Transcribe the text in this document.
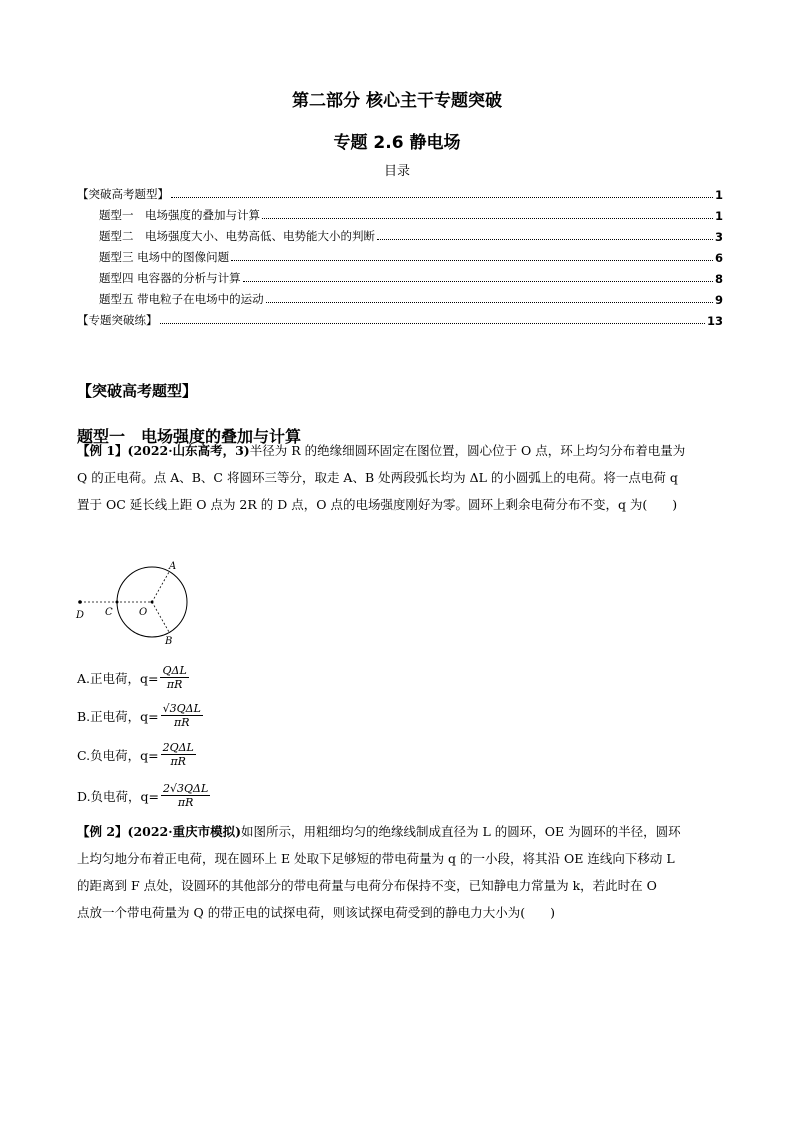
第二部分 核心主干专题突破
专题 2.6 静电场
目录
【突破高考题型】	1
题型一　电场强度的叠加与计算	1
题型二　电场强度大小、电势高低、电势能大小的判断	3
题型三 电场中的图像问题	6
题型四 电容器的分析与计算	8
题型五 带电粒子在电场中的运动	9
【专题突破练】	13
【突破高考题型】
题型一　电场强度的叠加与计算
【例 1】(2022·山东高考，3)半径为 R 的绝缘细圆环固定在图位置，圆心位于 O 点，环上均匀分布着电量为
Q 的正电荷。点 A、B、C 将圆环三等分，取走 A、B 处两段弧长均为 ΔL 的小圆弧上的电荷。将一点电荷 q
置于 OC 延长线上距 O 点为 2R 的 D 点，O 点的电场强度刚好为零。圆环上剩余电荷分布不变，q 为(　　)
A
B
C
D	O
A.正电荷，$q= \frac{\text{QΔL}}{\pi R}$
B.正电荷，$q= \frac{\text{√3QΔL}}{\pi R}$
C.负电荷，$q= \frac{\text{2QΔL}}{\pi R}$
D.负电荷，$q= \frac{\text{2√3QΔL}}{\pi R}$
【例 2】(2022·重庆市模拟)如图所示，用粗细均匀的绝缘线制成直径为 L 的圆环，OE 为圆环的半径，圆环
上均匀地分布着正电荷，现在圆环上 E 处取下足够短的带电荷量为 q 的一小段，将其沿 OE 连线向下移动 L
的距离到 F 点处，设圆环的其他部分的带电荷量与电荷分布保持不变，已知静电力常量为 k，若此时在 O
点放一个带电荷量为 Q 的带正电的试探电荷，则该试探电荷受到的静电力大小为(　　)
